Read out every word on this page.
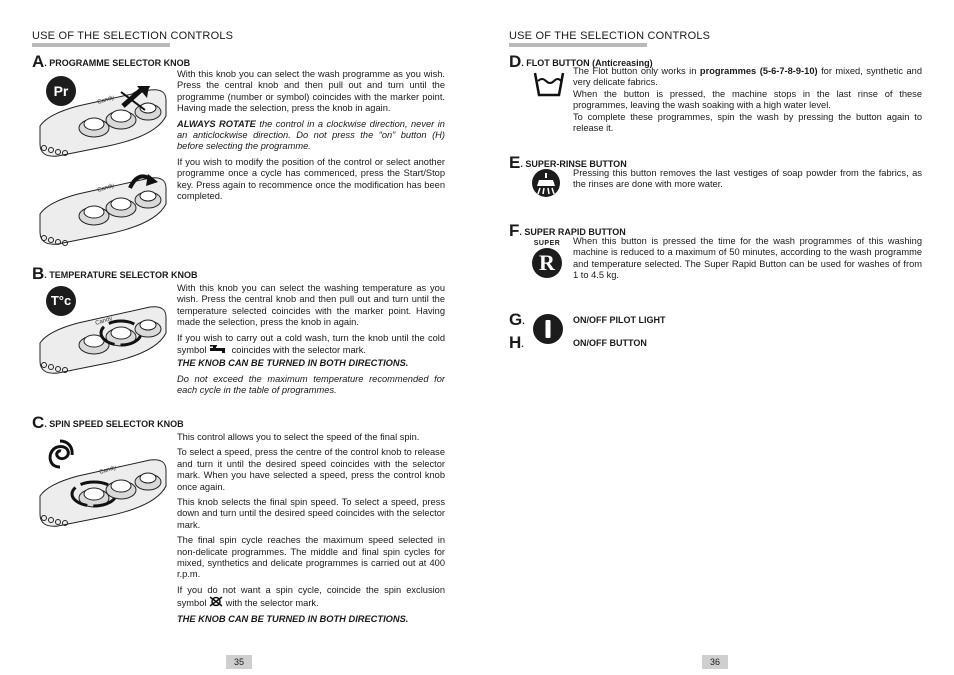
USE OF THE SELECTION CONTROLS
A. PROGRAMME SELECTOR KNOB
Pr
Candy
Candy

With this knob you can select the wash programme as you wish. Press the central knob and then pull out and turn until the programme (number or symbol) coincides with the marker point. Having made the selection, press the knob in again.

ALWAYS ROTATE the control in a clockwise direction, never in an anticlockwise direction. Do not press the “on” button (H) before selecting the programme.

If you wish to modify the position of the control or select another programme once a cycle has commenced, press the Start/Stop key. Press again to recommence once the modification has been completed.

B. TEMPERATURE SELECTOR KNOB
T°c
Candy

With this knob you can select the washing temperature as you wish. Press the central knob and then pull out and turn until the temperature selected coincides with the marker point. Having made the selection, press the knob in again.

If you wish to carry out a cold wash, turn the knob until the cold symbol	coincides with the selector mark.

THE KNOB CAN BE TURNED IN BOTH DIRECTIONS.

Do not exceed the maximum temperature recommended for each cycle in the table of programmes.

C. SPIN SPEED SELECTOR KNOB
Candy

This control allows you to select the speed of the final spin.

To select a speed, press the centre of the control knob to release and turn it until the desired speed coincides with the selector mark. When you have selected a speed, press the control knob once again.

This knob selects the final spin speed. To select a speed, press down and turn until the desired speed coincides with the selector mark.

The final spin cycle reaches the maximum speed selected in non-delicate programmes. The middle and final spin cycles for mixed, synthetics and delicate programmes is carried out at 400 r.p.m.

If you do not want a spin cycle, coincide the spin exclusion symbol with the selector mark.

THE KNOB CAN BE TURNED IN BOTH DIRECTIONS.

35
USE OF THE SELECTION CONTROLS
D. FLOT BUTTON (Anticreasing)

The Flot button only works in programmes (5-6-7-8-9-10) for mixed, synthetic and very delicate fabrics.

When the button is pressed, the machine stops in the last rinse of these programmes, leaving the wash soaking with a high water level.

To complete these programmes, spin the wash by pressing the button again to release it.

E. SUPER-RINSE BUTTON

Pressing this button removes the last vestiges of soap powder from the fabrics, as the rinses are done with more water.

F. SUPER RAPID BUTTON
SUPER
R

When this button is pressed the time for the wash programmes of this washing machine is reduced to a maximum of 50 minutes, according to the wash programme and temperature selected. The Super Rapid Button can be used for washes of from 1 to 4.5 kg.

G.
H.
ON/OFF PILOT LIGHT
ON/OFF BUTTON
36
